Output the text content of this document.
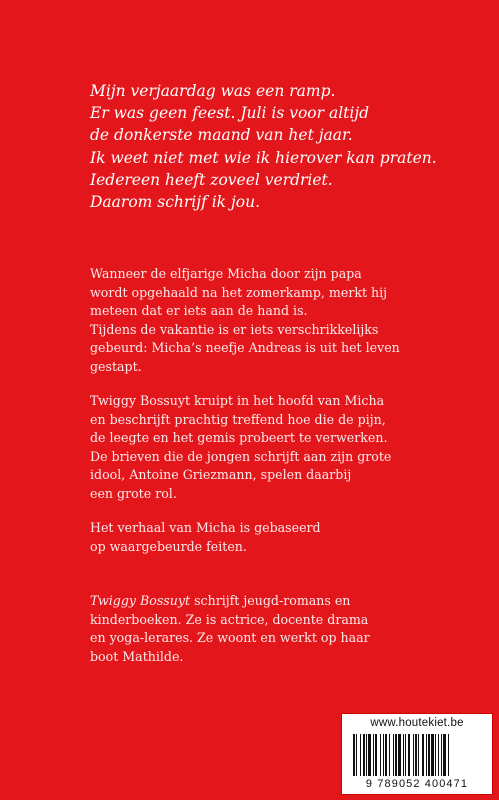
Mijn verjaardag was een ramp.
Er was geen feest. Juli is voor altijd
de donkerste maand van het jaar.
Ik weet niet met wie ik hierover kan praten.
Iedereen heeft zoveel verdriet.
Daarom schrijf ik jou.
Wanneer de elfjarige Micha door zijn papa
wordt opgehaald na het zomerkamp, merkt hij
meteen dat er iets aan de hand is.
Tijdens de vakantie is er iets verschrikkelijks
gebeurd: Micha’s neefje Andreas is uit het leven
gestapt.
Twiggy Bossuyt kruipt in het hoofd van Micha
en beschrijft prachtig treffend hoe die de pijn,
de leegte en het gemis probeert te verwerken.
De brieven die de jongen schrijft aan zijn grote
idool, Antoine Griezmann, spelen daarbij
een grote rol.
Het verhaal van Micha is gebaseerd
op waargebeurde feiten.
Twiggy Bossuyt schrijft jeugd-romans en
kinderboeken. Ze is actrice, docente drama
en yoga-lerares. Ze woont en werkt op haar
boot Mathilde.
www.houtekiet.be
9 789052 400471
